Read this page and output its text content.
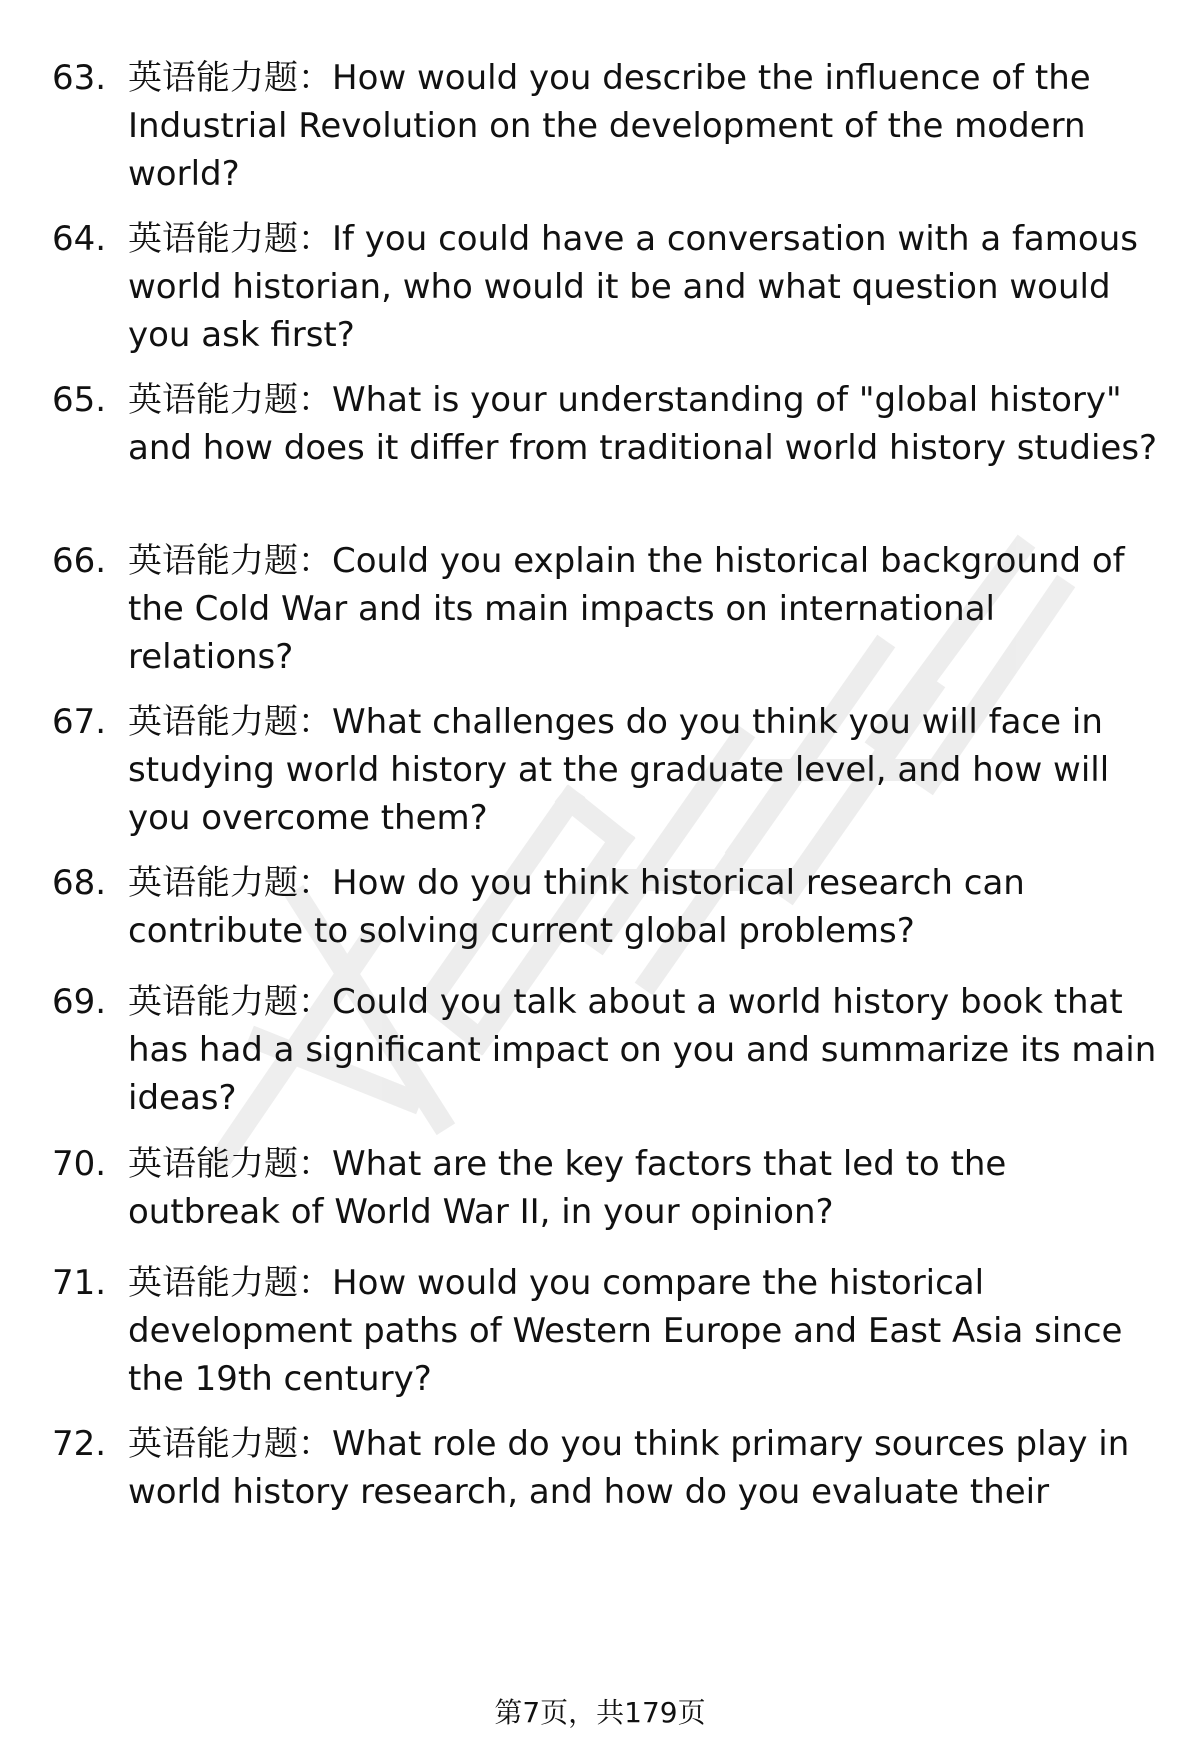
63. 英语能力题：How would you describe the influence of the Industrial Revolution on the development of the modern world?
64. 英语能力题：If you could have a conversation with a famous world historian, who would it be and what question would you ask first?
65. 英语能力题：What is your understanding of "global history" and how does it differ from traditional world history studies?
66. 英语能力题：Could you explain the historical background of the Cold War and its main impacts on international relations?
67. 英语能力题：What challenges do you think you will face in studying world history at the graduate level, and how will you overcome them?
68. 英语能力题：How do you think historical research can contribute to solving current global problems?
69. 英语能力题：Could you talk about a world history book that has had a significant impact on you and summarize its main ideas?
70. 英语能力题：What are the key factors that led to the outbreak of World War II, in your opinion?
71. 英语能力题：How would you compare the historical development paths of Western Europe and East Asia since the 19th century?
72. 英语能力题：What role do you think primary sources play in world history research, and how do you evaluate their
第7页，共179页
